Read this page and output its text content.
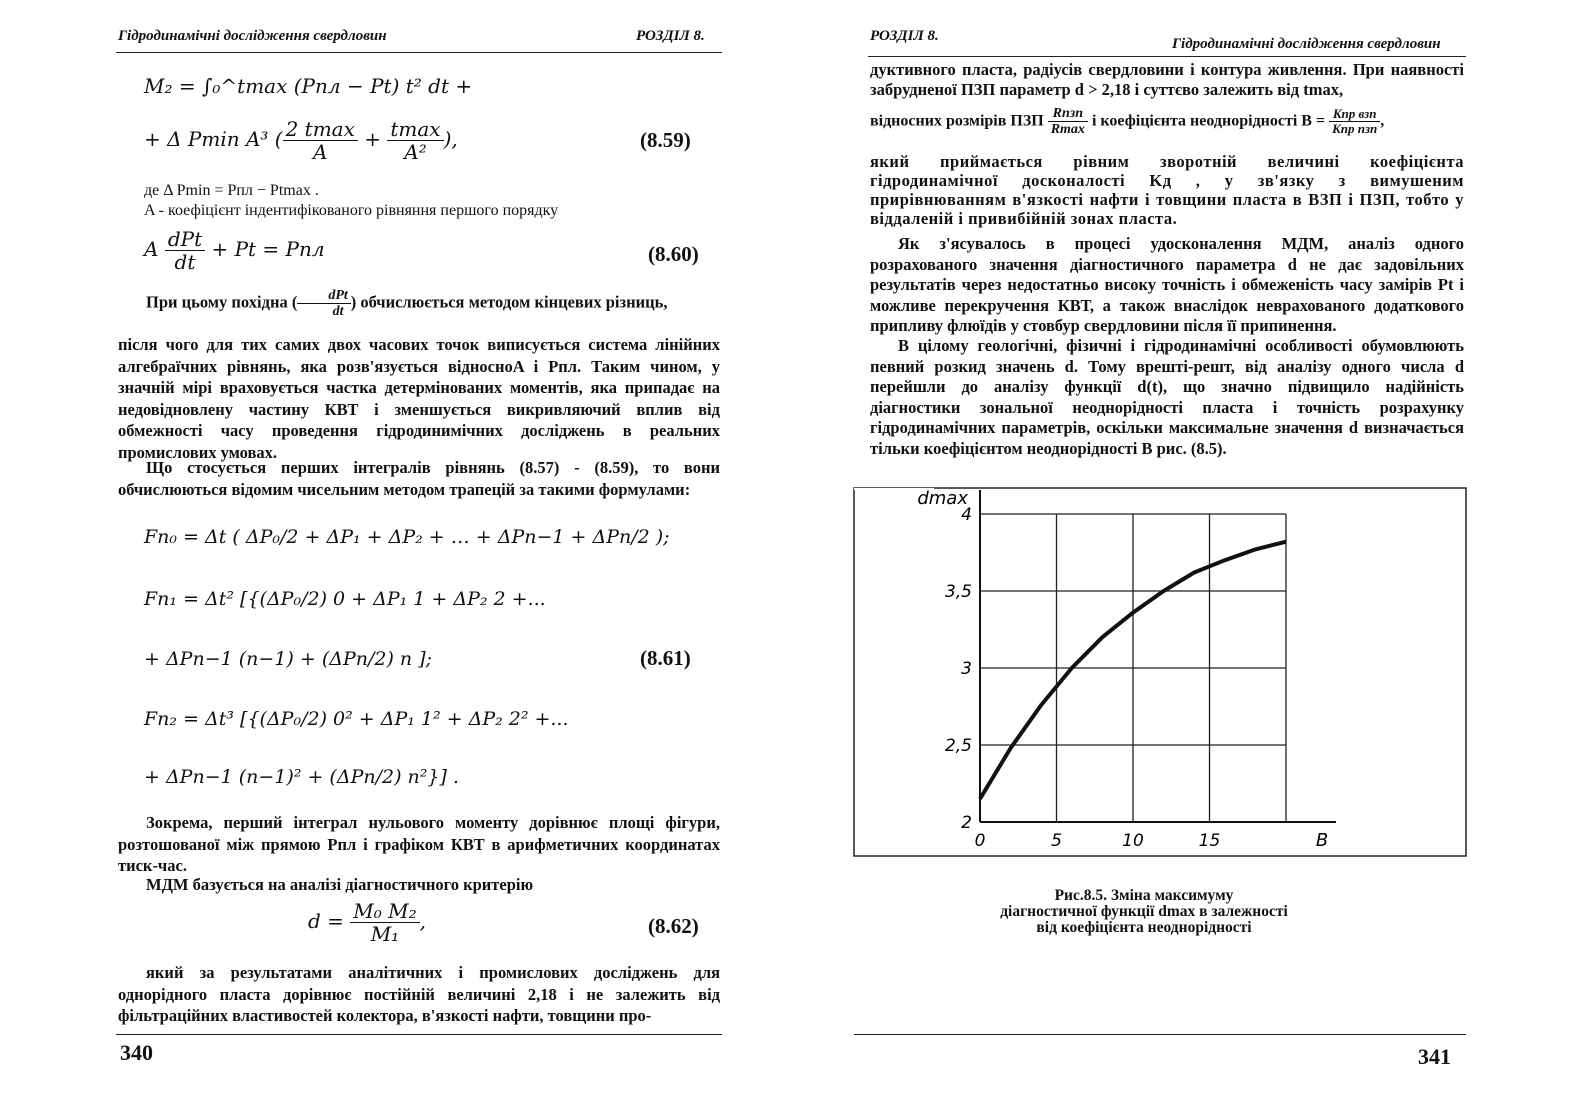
Гідродинамічні дослідження свердловин	РОЗДІЛ 8.
M₂ = ∫₀^tmax (Pпл − Pt) t² dt +
+ Δ Pmin A³ ( $\frac{2 tmax}{A} + \frac{tmax}{\text{A²}}$ ),	(8.59)
де Δ Pmin = Pпл − Ptmax .
A - коефіцієнт індентифікованого рівняння першого порядку
A $\frac{\text{dPt}}{dt} + Pt$ = Pпл	(8.60)

При цьому похідна ( $\frac{\text{dPt}}{dt}$ ) обчислюється методом кінцевих різниць,

після чого для тих самих двох часових точок виписується система лінійних алгебраїчних рівнянь, яка розв'язується відносноA і Pпл. Таким чином, у значній мірі враховується частка детермінованих моментів, яка припадає на недовідновлену частину КВТ і зменшується викривляючий вплив від обмежності часу проведення гідродинимічних досліджень в реальних промислових умовах.

Що стосується перших інтегралів рівнянь (8.57) - (8.59), то вони обчислюються відомим чисельним методом трапецій за такими формулами:

Fn₀ = Δt ( ΔP₀/2 + ΔP₁ + ΔP₂ + … + ΔPn−1 + ΔPn/2 );
Fn₁ = Δt² [{(ΔP₀/2) 0 + ΔP₁ 1 + ΔP₂ 2 +...
+ ΔPn−1 (n−1) + (ΔPn/2) n ];	(8.61)
Fn₂ = Δt³ [{(ΔP₀/2) 0² + ΔP₁ 1² + ΔP₂ 2² +...
+ ΔPn−1 (n−1)² + (ΔPn/2) n²}] .

Зокрема, перший інтеграл нульового моменту дорівнює площі фігури, розтошованої між прямою Pпл і графіком КВТ в арифметичних координатах тиск-час.

МДМ базується на аналізі діагностичного критерію

$d = \frac{\text{M₀ M₂}}{\text{M₁}}$ ,	(8.62)

який за результатами аналітичних і промислових досліджень для однорідного пласта дорівнює постійній величині 2,18 і не залежить від фільтраційних властивостей колектора, в'язкості нафти, товщини про-

340
РОЗДІЛ 8.	Гідродинамічні дослідження свердловин

дуктивного пласта, радіусів свердловини і контура живлення. При наявності забрудненої ПЗП параметр d > 2,18 і суттєво залежить від tmax,

відносних розмірів ПЗП $\frac{\text{Rпзп}}{Rmax}$ і коефіцієнта неоднорідності $B = \frac{\text{Kпр взп}}{\text{Kпр пзп}}$ ,

який приймається рівним зворотній величині коефіцієнта гідродинамічної досконалості Kд , у зв'язку з вимушеним прирівнюванням в'язкості нафти і товщини пласта в ВЗП і ПЗП, тобто у віддаленій і привибійній зонах пласта.

Як з'ясувалось в процесі удосконалення МДМ, аналіз одного розрахованого значення діагностичного параметра d не дає задовільних результатів через недостатньо високу точність і обмеженість часу замірів Pt і можливе перекручення КВТ, а також внаслідок неврахованого додаткового припливу флюїдів у стовбур свердловини після її припинення.

В цілому геологічні, фізичні і гідродинамічні особливості обумовлюють певний розкид значень d. Тому врешті-решт, від аналізу одного числа d перейшли до аналізу функції d(t), що значно підвищило надійність діагностики зональної неоднорідності пласта і точність розрахунку гідродинамічних параметрів, оскільки максимальне значення d визначається тільки коефіцієнтом неоднорідності B рис. (8.5).

0	5	10	15
2
2,5
3
3,5
4
B
dmax
Рис.8.5. Зміна максимуму
діагностичної функції dmax в залежності
від коефіцієнта неоднорідності
341
